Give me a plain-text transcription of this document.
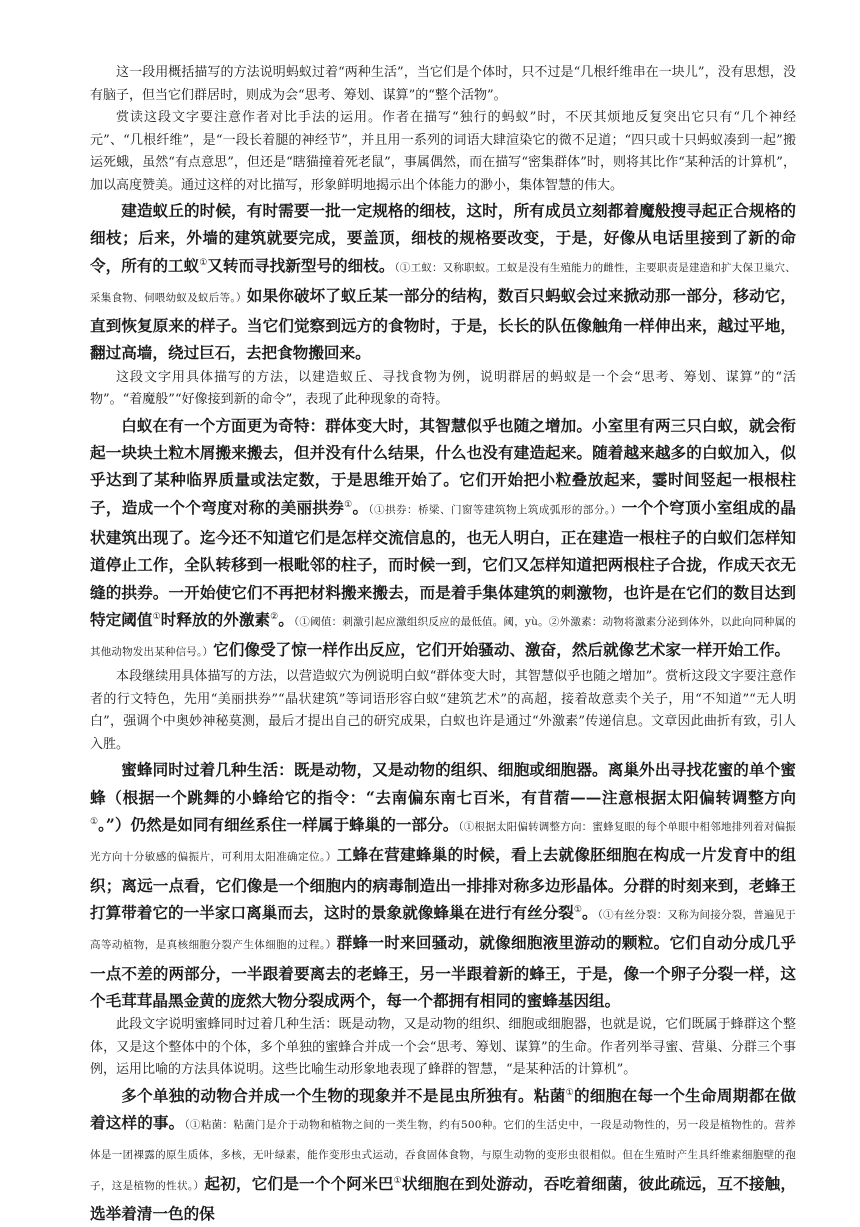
这一段用概括描写的方法说明蚂蚁过着“两种生活”，当它们是个体时，只不过是“几根纤维串在一块儿”，没有思想，没有脑子，但当它们群居时，则成为会“思考、筹划、谋算”的“整个活物”。

赏读这段文字要注意作者对比手法的运用。作者在描写“独行的蚂蚁”时，不厌其烦地反复突出它只有“几个神经元”、“几根纤维”，是“一段长着腿的神经节”，并且用一系列的词语大肆渲染它的微不足道；“四只或十只蚂蚁凑到一起”搬运死蛾，虽然“有点意思”，但还是“瞎猫撞着死老鼠”，事属偶然，而在描写“密集群体”时，则将其比作“某种活的计算机”，加以高度赞美。通过这样的对比描写，形象鲜明地揭示出个体能力的渺小，集体智慧的伟大。

建造蚁丘的时候，有时需要一批一定规格的细枝，这时，所有成员立刻都着魔般搜寻起正合规格的细枝；后来，外墙的建筑就要完成，要盖顶，细枝的规格要改变，于是，好像从电话里接到了新的命令，所有的工蚁①又转而寻找新型号的细枝。（①工蚁：又称职蚁。工蚁是没有生殖能力的雌性，主要职责是建造和扩大保卫巢穴、采集食物、伺喂幼蚁及蚁后等。）如果你破坏了蚁丘某一部分的结构，数百只蚂蚁会过来掀动那一部分，移动它，直到恢复原来的样子。当它们觉察到远方的食物时，于是，长长的队伍像触角一样伸出来，越过平地，翻过高墙，绕过巨石，去把食物搬回来。

这段文字用具体描写的方法，以建造蚁丘、寻找食物为例，说明群居的蚂蚁是一个会“思考、筹划、谋算”的“活物”。“着魔般”“好像接到新的命令”，表现了此种现象的奇特。

白蚁在有一个方面更为奇特：群体变大时，其智慧似乎也随之增加。小室里有两三只白蚁，就会衔起一块块土粒木屑搬来搬去，但并没有什么结果，什么也没有建造起来。随着越来越多的白蚁加入，似乎达到了某种临界质量或法定数，于是思维开始了。它们开始把小粒叠放起来，霎时间竖起一根根柱子，造成一个个弯度对称的美丽拱券①。（①拱券：桥梁、门窗等建筑物上筑成弧形的部分。）一个个穹顶小室组成的晶状建筑出现了。迄今还不知道它们是怎样交流信息的，也无人明白，正在建造一根柱子的白蚁们怎样知道停止工作，全队转移到一根毗邻的柱子，而时候一到，它们又怎样知道把两根柱子合拢，作成天衣无缝的拱券。一开始使它们不再把材料搬来搬去，而是着手集体建筑的刺激物，也许是在它们的数目达到特定阈值①时释放的外激素②。（①阈值：刺激引起应激组织反应的最低值。阈，yù。②外激素：动物将激素分泌到体外，以此向同种属的其他动物发出某种信号。）它们像受了惊一样作出反应，它们开始骚动、激奋，然后就像艺术家一样开始工作。

本段继续用具体描写的方法，以营造蚁穴为例说明白蚁“群体变大时，其智慧似乎也随之增加”。赏析这段文字要注意作者的行文特色，先用“美丽拱券”“晶状建筑”等词语形容白蚁“建筑艺术”的高超，接着故意卖个关子，用“不知道”“无人明白”，强调个中奥妙神秘莫测，最后才提出自己的研究成果，白蚁也许是通过“外激素”传递信息。文章因此曲折有致，引人入胜。

蜜蜂同时过着几种生活：既是动物，又是动物的组织、细胞或细胞器。离巢外出寻找花蜜的单个蜜蜂（根据一个跳舞的小蜂给它的指令：“去南偏东南七百米，有苜蓿——注意根据太阳偏转调整方向①。”）仍然是如同有细丝系住一样属于蜂巢的一部分。（①根据太阳偏转调整方向：蜜蜂复眼的每个单眼中相邻地排列着对偏振光方向十分敏感的偏振片，可利用太阳准确定位。）工蜂在营建蜂巢的时候，看上去就像胚细胞在构成一片发育中的组织；离远一点看，它们像是一个细胞内的病毒制造出一排排对称多边形晶体。分群的时刻来到，老蜂王打算带着它的一半家口离巢而去，这时的景象就像蜂巢在进行有丝分裂①。（①有丝分裂：又称为间接分裂，普遍见于高等动植物，是真核细胞分裂产生体细胞的过程。）群蜂一时来回骚动，就像细胞液里游动的颗粒。它们自动分成几乎一点不差的两部分，一半跟着要离去的老蜂王，另一半跟着新的蜂王，于是，像一个卵子分裂一样，这个毛茸茸晶黑金黄的庞然大物分裂成两个，每一个都拥有相同的蜜蜂基因组。

此段文字说明蜜蜂同时过着几种生活：既是动物，又是动物的组织、细胞或细胞器，也就是说，它们既属于蜂群这个整体，又是这个整体中的个体，多个单独的蜜蜂合并成一个会“思考、筹划、谋算”的生命。作者列举寻蜜、营巢、分群三个事例，运用比喻的方法具体说明。这些比喻生动形象地表现了蜂群的智慧，“是某种活的计算机”。

多个单独的动物合并成一个生物的现象并不是昆虫所独有。粘菌①的细胞在每一个生命周期都在做着这样的事。（①粘菌：粘菌门是介于动物和植物之间的一类生物，约有500种。它们的生活史中，一段是动物性的，另一段是植物性的。营养体是一团裸露的原生质体，多核，无叶绿素，能作变形虫式运动，吞食固体食物，与原生动物的变形虫很相似。但在生殖时产生具纤维素细胞壁的孢子，这是植物的性状。）起初，它们是一个个阿米巴①状细胞在到处游动，吞吃着细菌，彼此疏远，互不接触，选举着清一色的保
